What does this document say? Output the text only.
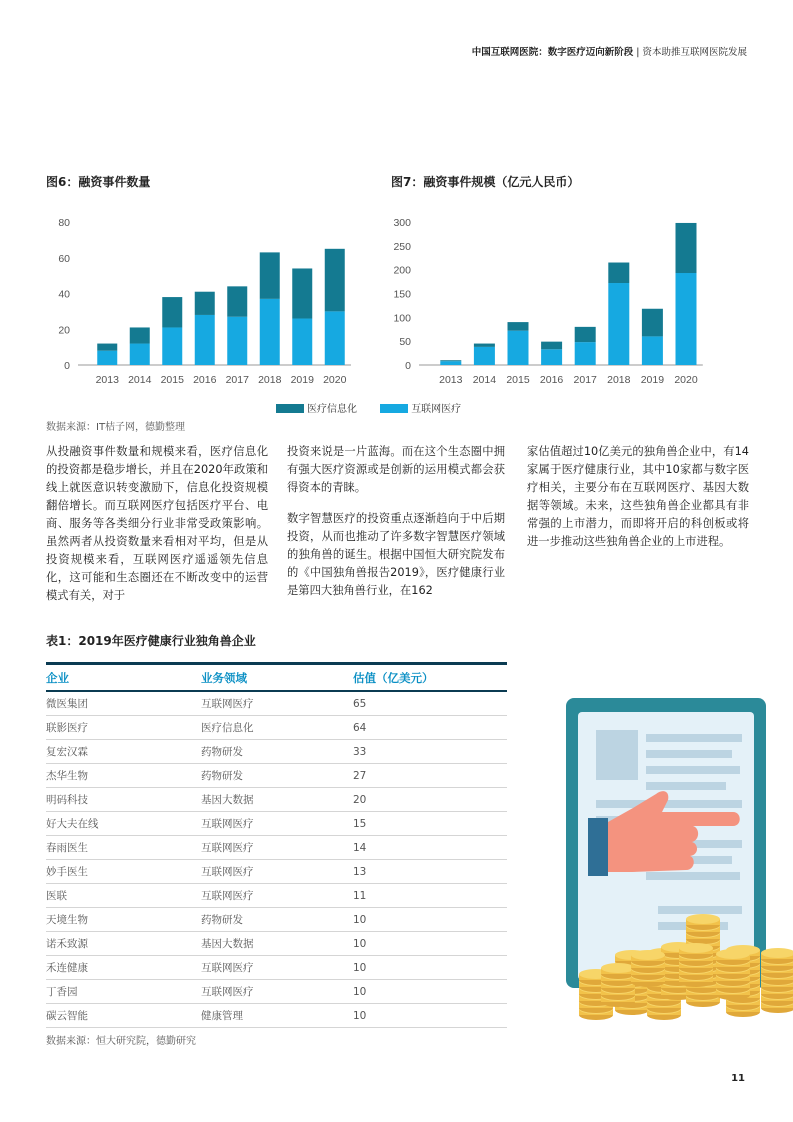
中国互联网医院：数字医疗迈向新阶段 | 资本助推互联网医院发展
图6：融资事件数量
0
20
40
60
80
2013 2014 2015 2016 2017 2018 2019 2020
图7：融资事件规模（亿元人民币）
0
50
100
150
200
250
300
2013 2014 2015 2016 2017 2018 2019 2020
医疗信息化	互联网医疗
数据来源：IT桔子网，德勤整理

从投融资事件数量和规模来看，医疗信息化的投资都是稳步增长，并且在2020年政策和线上就医意识转变激励下，信息化投资规模翻倍增长。而互联网医疗包括医疗平台、电商、服务等各类细分行业非常受政策影响。虽然两者从投资数量来看相对平均，但是从投资规模来看，互联网医疗遥遥领先信息化，这可能和生态圈还在不断改变中的运营模式有关，对于

投资来说是一片蓝海。而在这个生态圈中拥有强大医疗资源或是创新的运用模式都会获得资本的青睐。

数字智慧医疗的投资重点逐渐趋向于中后期投资，从而也推动了许多数字智慧医疗领域的独角兽的诞生。根据中国恒大研究院发布的《中国独角兽报告2019》，医疗健康行业是第四大独角兽行业，在162

家估值超过10亿美元的独角兽企业中，有14家属于医疗健康行业，其中10家都与数字医疗相关，主要分布在互联网医疗、基因大数据等领域。未来，这些独角兽企业都具有非常强的上市潜力，而即将开启的科创板或将进一步推动这些独角兽企业的上市进程。

表1：2019年医疗健康行业独角兽企业
企业	业务领域	估值（亿美元）
微医集团	互联网医疗	65
联影医疗	医疗信息化	64
复宏汉霖	药物研发	33
杰华生物	药物研发	27
明码科技	基因大数据	20
好大夫在线	互联网医疗	15
春雨医生	互联网医疗	14
妙手医生	互联网医疗	13
医联	互联网医疗	11
天境生物	药物研发	10
诺禾致源	基因大数据	10
禾连健康	互联网医疗	10
丁香园	互联网医疗	10
碳云智能	健康管理	10
数据来源：恒大研究院，德勤研究
11
